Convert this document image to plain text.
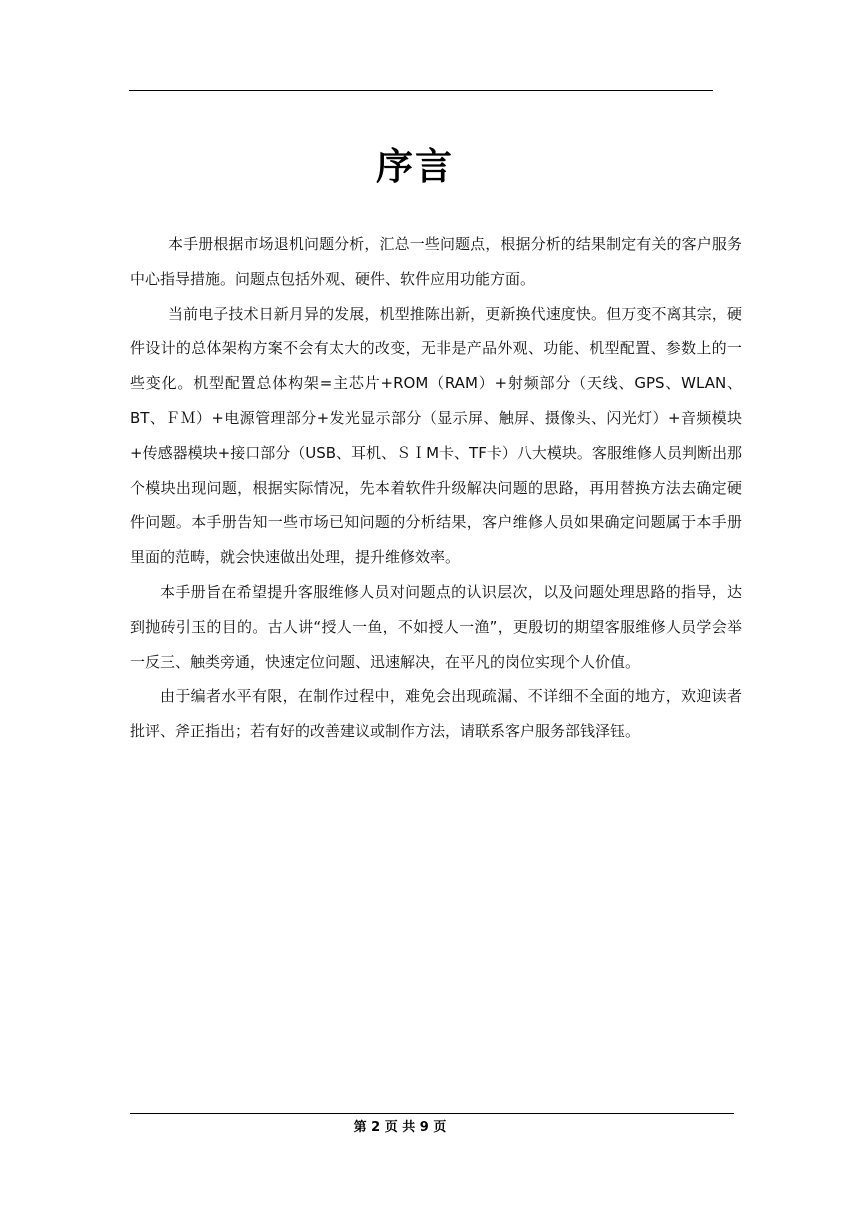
序言

本手册根据市场退机问题分析，汇总一些问题点，根据分析的结果制定有关的客户服务中心指导措施。问题点包括外观、硬件、软件应用功能方面。

当前电子技术日新月异的发展，机型推陈出新，更新换代速度快。但万变不离其宗，硬件设计的总体架构方案不会有太大的改变，无非是产品外观、功能、机型配置、参数上的一些变化。机型配置总体构架=主芯片+ROM（RAM）+射频部分（天线、GPS、WLAN、BT、ＦＭ）+电源管理部分+发光显示部分（显示屏、触屏、摄像头、闪光灯）+音频模块+传感器模块+接口部分（USB、耳机、ＳＩM卡、TF卡）八大模块。客服维修人员判断出那个模块出现问题，根据实际情况，先本着软件升级解决问题的思路，再用替换方法去确定硬件问题。本手册告知一些市场已知问题的分析结果，客户维修人员如果确定问题属于本手册里面的范畴，就会快速做出处理，提升维修效率。

本手册旨在希望提升客服维修人员对问题点的认识层次，以及问题处理思路的指导，达到抛砖引玉的目的。古人讲“授人一鱼，不如授人一渔”，更殷切的期望客服维修人员学会举一反三、触类旁通，快速定位问题、迅速解决，在平凡的岗位实现个人价值。

由于编者水平有限，在制作过程中，难免会出现疏漏、不详细不全面的地方，欢迎读者批评、斧正指出；若有好的改善建议或制作方法，请联系客户服务部钱泽钰。

第 2 页 共 9 页
